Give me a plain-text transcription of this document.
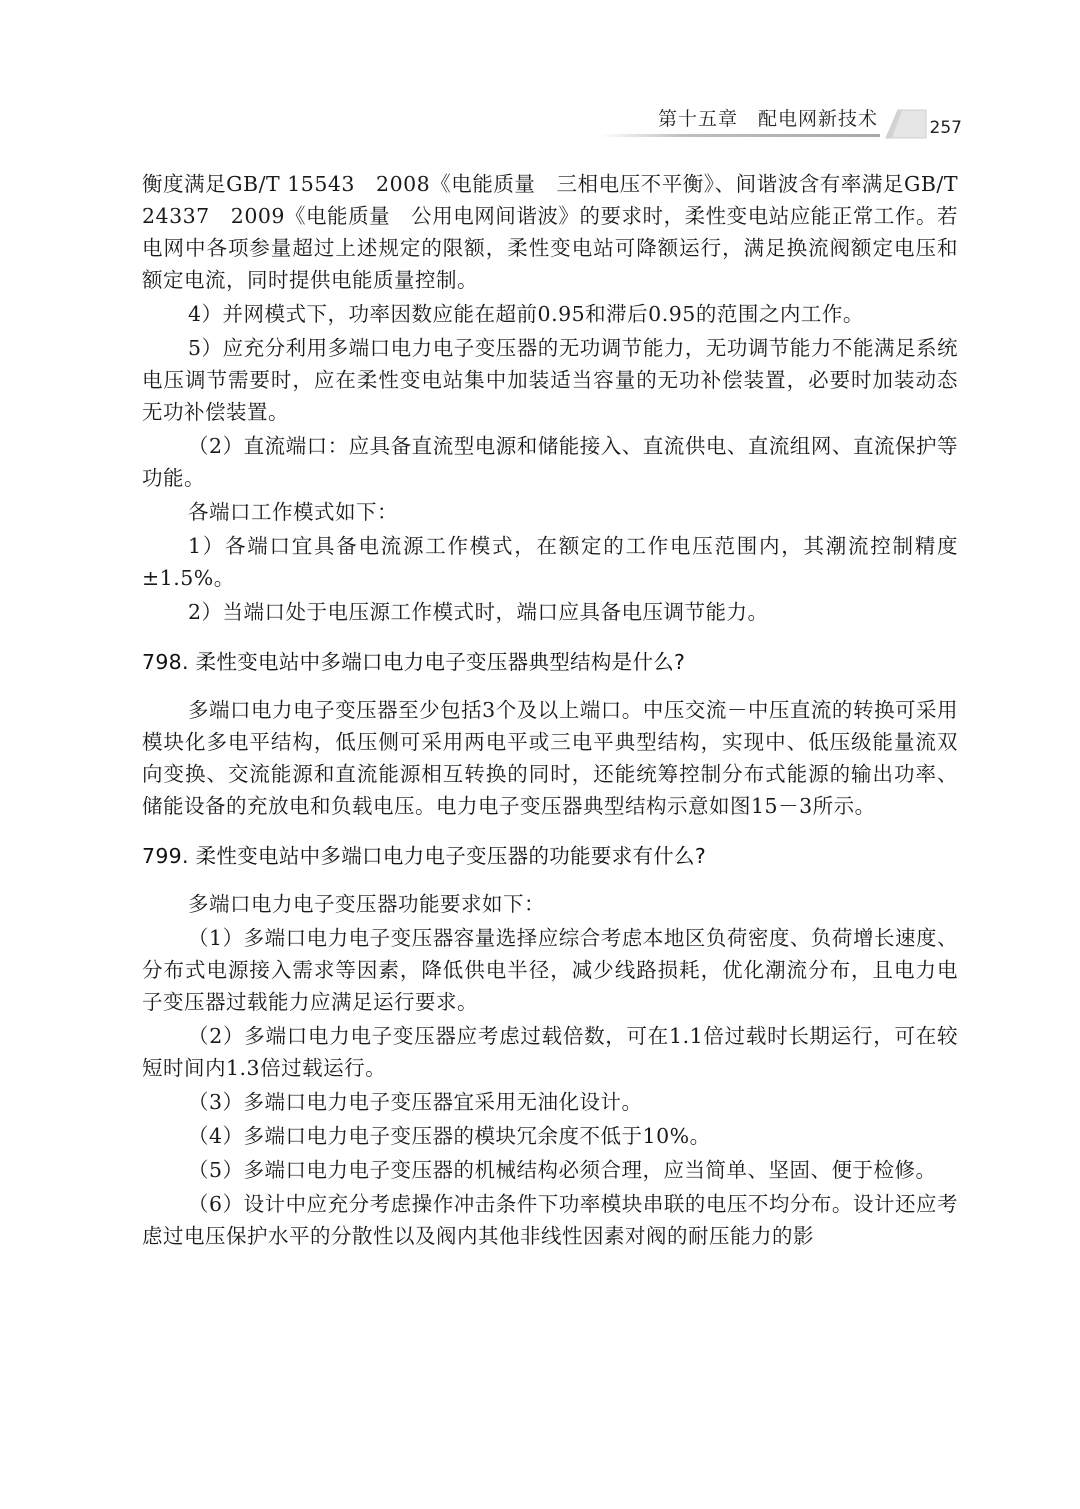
第十五章　 配电网新技术	257
衡度满足GB/T 15543　2008《电能质量　三相电压不平衡》、间谐波含有率满足GB/T 24337　2009《电能质量　公用电网间谐波》的要求时，柔性变电站应能正常工作。若电网中各项参量超过上述规定的限额，柔性变电站可降额运行，满足换流阀额定电压和额定电流，同时提供电能质量控制。
4）并网模式下，功率因数应能在超前0.95和滞后0.95的范围之内工作。
5）应充分利用多端口电力电子变压器的无功调节能力，无功调节能力不能满足系统电压调节需要时，应在柔性变电站集中加装适当容量的无功补偿装置，必要时加装动态无功补偿装置。
（2）直流端口：应具备直流型电源和储能接入、直流供电、直流组网、直流保护等功能。
各端口工作模式如下：
1）各端口宜具备电流源工作模式，在额定的工作电压范围内，其潮流控制精度±1.5%。
2）当端口处于电压源工作模式时，端口应具备电压调节能力。
798. 柔性变电站中多端口电力电子变压器典型结构是什么?
多端口电力电子变压器至少包括3个及以上端口。中压交流－中压直流的转换可采用模块化多电平结构，低压侧可采用两电平或三电平典型结构，实现中、低压级能量流双向变换、交流能源和直流能源相互转换的同时，还能统筹控制分布式能源的输出功率、储能设备的充放电和负载电压。电力电子变压器典型结构示意如图15－3所示。
799. 柔性变电站中多端口电力电子变压器的功能要求有什么?
多端口电力电子变压器功能要求如下：
（1）多端口电力电子变压器容量选择应综合考虑本地区负荷密度、负荷增长速度、分布式电源接入需求等因素，降低供电半径，减少线路损耗，优化潮流分布，且电力电子变压器过载能力应满足运行要求。
（2）多端口电力电子变压器应考虑过载倍数，可在1.1倍过载时长期运行，可在较短时间内1.3倍过载运行。
（3）多端口电力电子变压器宜采用无油化设计。
（4）多端口电力电子变压器的模块冗余度不低于10%。
（5）多端口电力电子变压器的机械结构必须合理，应当简单、坚固、便于检修。
（6）设计中应充分考虑操作冲击条件下功率模块串联的电压不均分布。设计还应考虑过电压保护水平的分散性以及阀内其他非线性因素对阀的耐压能力的影
